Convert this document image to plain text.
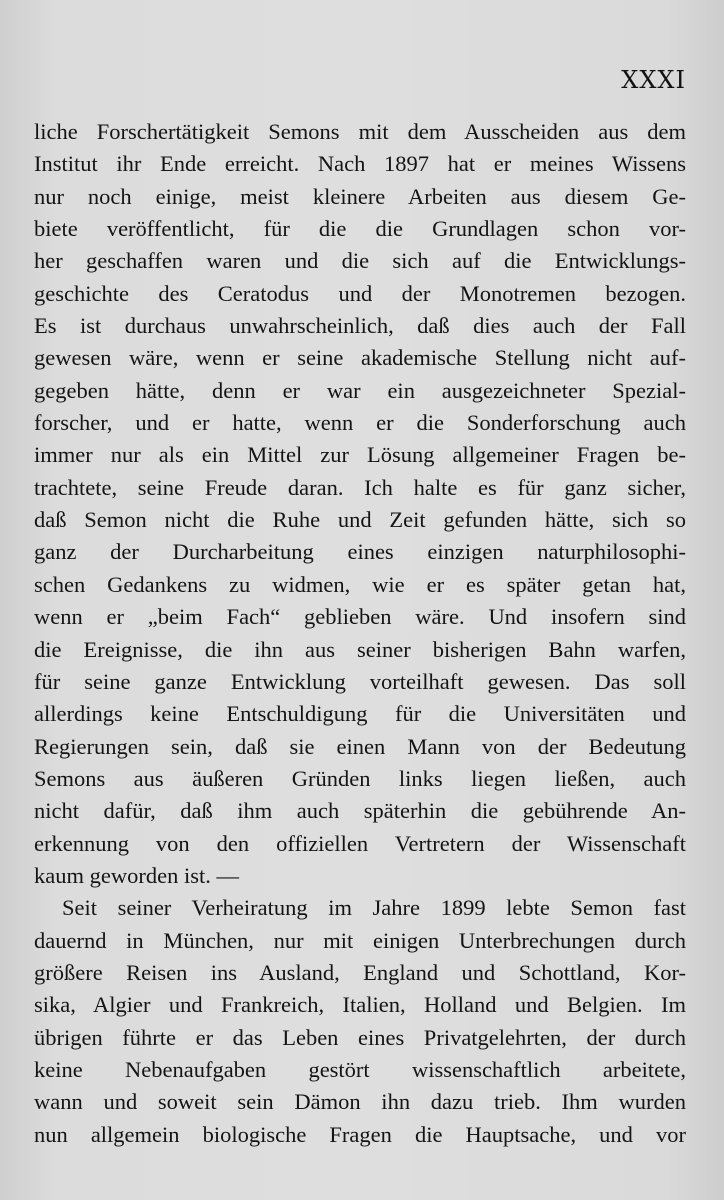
XXXI
liche Forschertätigkeit Semons mit dem Ausscheiden aus dem
Institut ihr Ende erreicht. Nach 1897 hat er meines Wissens
nur noch einige, meist kleinere Arbeiten aus diesem Ge-
biete veröffentlicht, für die die Grundlagen schon vor-
her geschaffen waren und die sich auf die Entwicklungs-
geschichte des Ceratodus und der Monotremen bezogen.
Es ist durchaus unwahrscheinlich, daß dies auch der Fall
gewesen wäre, wenn er seine akademische Stellung nicht auf-
gegeben hätte, denn er war ein ausgezeichneter Spezial-
forscher, und er hatte, wenn er die Sonderforschung auch
immer nur als ein Mittel zur Lösung allgemeiner Fragen be-
trachtete, seine Freude daran. Ich halte es für ganz sicher,
daß Semon nicht die Ruhe und Zeit gefunden hätte, sich so
ganz der Durcharbeitung eines einzigen naturphilosophi-
schen Gedankens zu widmen, wie er es später getan hat,
wenn er „beim Fach“ geblieben wäre. Und insofern sind
die Ereignisse, die ihn aus seiner bisherigen Bahn warfen,
für seine ganze Entwicklung vorteilhaft gewesen. Das soll
allerdings keine Entschuldigung für die Universitäten und
Regierungen sein, daß sie einen Mann von der Bedeutung
Semons aus äußeren Gründen links liegen ließen, auch
nicht dafür, daß ihm auch späterhin die gebührende An-
erkennung von den offiziellen Vertretern der Wissenschaft
kaum geworden ist. —
Seit seiner Verheiratung im Jahre 1899 lebte Semon fast
dauernd in München, nur mit einigen Unterbrechungen durch
größere Reisen ins Ausland, England und Schottland, Kor-
sika, Algier und Frankreich, Italien, Holland und Belgien. Im
übrigen führte er das Leben eines Privatgelehrten, der durch
keine Nebenaufgaben gestört wissenschaftlich arbeitete,
wann und soweit sein Dämon ihn dazu trieb. Ihm wurden
nun allgemein biologische Fragen die Hauptsache, und vor
